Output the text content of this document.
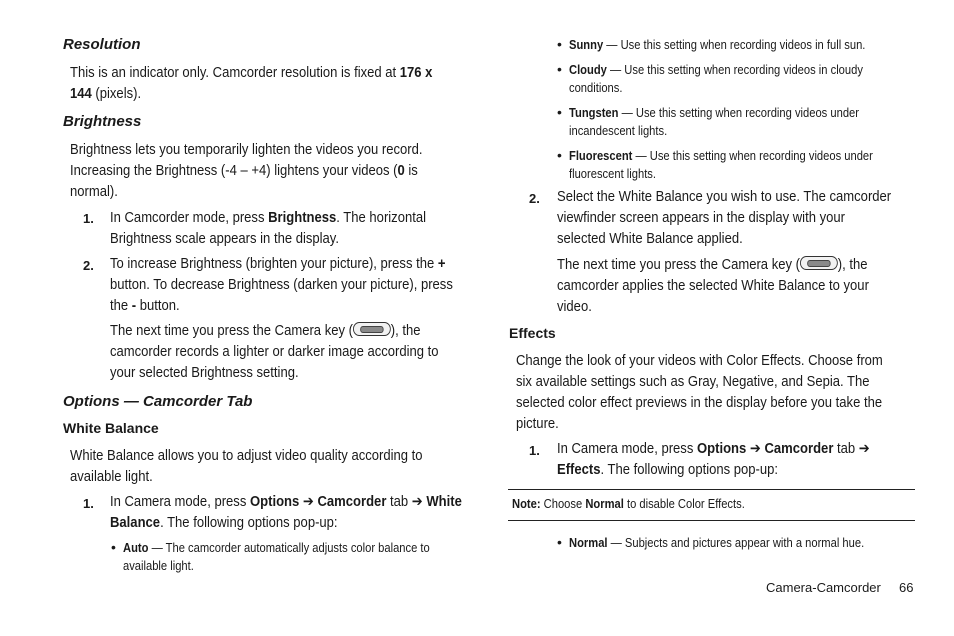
Resolution
This is an indicator only. Camcorder resolution is fixed at 176 x
144 (pixels).
Brightness
Brightness lets you temporarily lighten the videos you record.
Increasing the Brightness (-4 – +4) lightens your videos (0 is
normal).
1. In Camcorder mode, press Brightness. The horizontal
Brightness scale appears in the display.
2. To increase Brightness (brighten your picture), press the +
button. To decrease Brightness (darken your picture), press
the - button.
The next time you press the Camera key (	), the
camcorder records a lighter or darker image according to
your selected Brightness setting.
Options — Camcorder Tab
White Balance
White Balance allows you to adjust video quality according to
available light.
1. In Camera mode, press Options ➔ Camcorder tab ➔ White
Balance. The following options pop-up:
• Auto — The camcorder automatically adjusts color balance to
available light.
• Sunny — Use this setting when recording videos in full sun.
• Cloudy — Use this setting when recording videos in cloudy
conditions.
• Tungsten — Use this setting when recording videos under
incandescent lights.
• Fluorescent — Use this setting when recording videos under
fluorescent lights.
2. Select the White Balance you wish to use. The camcorder
viewfinder screen appears in the display with your
selected White Balance applied.
The next time you press the Camera key (	), the
camcorder applies the selected White Balance to your
video.
Effects
Change the look of your videos with Color Effects. Choose from
six available settings such as Gray, Negative, and Sepia. The
selected color effect previews in the display before you take the
picture.
1. In Camera mode, press Options ➔ Camcorder tab ➔
Effects. The following options pop-up:
Note: Choose Normal to disable Color Effects.
• Normal — Subjects and pictures appear with a normal hue.
Camera-Camcorder 66
